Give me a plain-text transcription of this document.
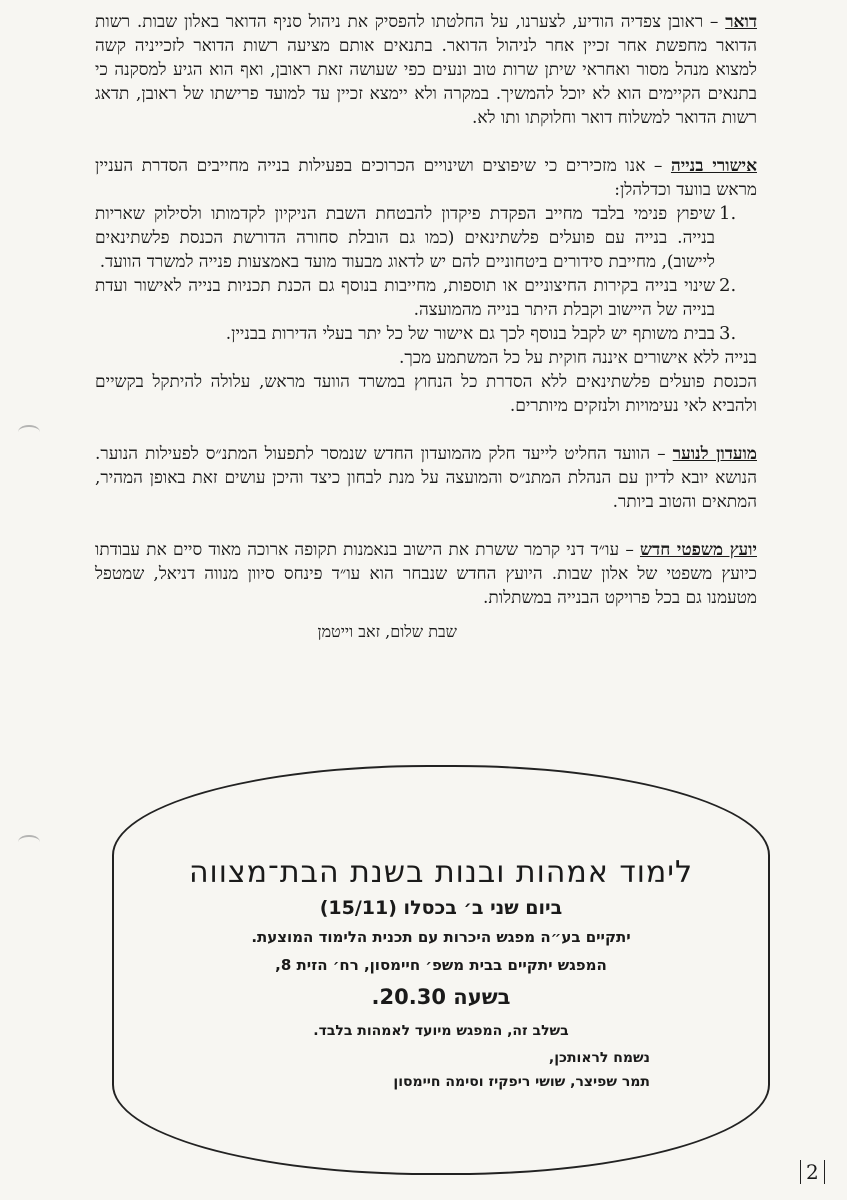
דואר – ראובן צפדיה הודיע, לצערנו, על החלטתו להפסיק את ניהול סניף הדואר באלון שבות. רשות הדואר מחפשת אחר זכיין אחר לניהול הדואר. בתנאים אותם מציעה רשות הדואר לזכייניה קשה למצוא מנהל מסור ואחראי שיתן שרות טוב ונעים כפי שעושה זאת ראובן, ואף הוא הגיע למסקנה כי בתנאים הקיימים הוא לא יוכל להמשיך. במקרה ולא יימצא זכיין עד למועד פרישתו של ראובן, תדאג רשות הדואר למשלוח דואר וחלוקתו ותו לא.

אישורי בנייה – אנו מזכירים כי שיפוצים ושינויים הכרוכים בפעילות בנייה מחייבים הסדרת העניין מראש בוועד וכדלהלן:

1.
שיפוץ פנימי בלבד מחייב הפקדת פיקדון להבטחת השבת הניקיון לקדמותו ולסילוק שאריות בנייה. בנייה עם פועלים פלשתינאים (כמו גם הובלת סחורה הדורשת הכנסת פלשתינאים ליישוב), מחייבת סידורים ביטחוניים להם יש לדאוג מבעוד מועד באמצעות פנייה למשרד הוועד.
2.
שינוי בנייה בקירות החיצוניים או תוספות, מחייבות בנוסף גם הכנת תכניות בנייה לאישור ועדת בנייה של היישוב וקבלת היתר בנייה מהמועצה.
3.
בבית משותף יש לקבל בנוסף לכך גם אישור של כל יתר בעלי הדירות בבניין.

בנייה ללא אישורים איננה חוקית על כל המשתמע מכך.

הכנסת פועלים פלשתינאים ללא הסדרת כל הנחוץ במשרד הוועד מראש, עלולה להיתקל בקשיים ולהביא לאי נעימויות ולנזקים מיותרים.

מועדון לנוער – הוועד החליט לייעד חלק מהמועדון החדש שנמסר לתפעול המתנ״ס לפעילות הנוער. הנושא יובא לדיון עם הנהלת המתנ״ס והמועצה על מנת לבחון כיצד והיכן עושים זאת באופן המהיר, המתאים והטוב ביותר.

יועץ משפטי חדש – עו״ד דני קרמר ששרת את הישוב בנאמנות תקופה ארוכה מאוד סיים את עבודתו כיועץ משפטי של אלון שבות. היועץ החדש שנבחר הוא עו״ד פינחס סיוון מנווה דניאל, שמטפל מטעמנו גם בכל פרויקט הבנייה במשתלות.

שבת שלום, זאב וייטמן
לימוד אמהות ובנות בשנת הבת־מצווה
ביום שני ב׳ בכסלו (15/11)
יתקיים בע״ה מפגש היכרות עם תכנית הלימוד המוצעת.
המפגש יתקיים בבית משפ׳ חיימסון, רח׳ הזית 8,
בשעה 20.30.
בשלב זה, המפגש מיועד לאמהות בלבד.
נשמח לראותכן,
תמר שפיצר, שושי ריפקיז וסימה חיימסון
2
